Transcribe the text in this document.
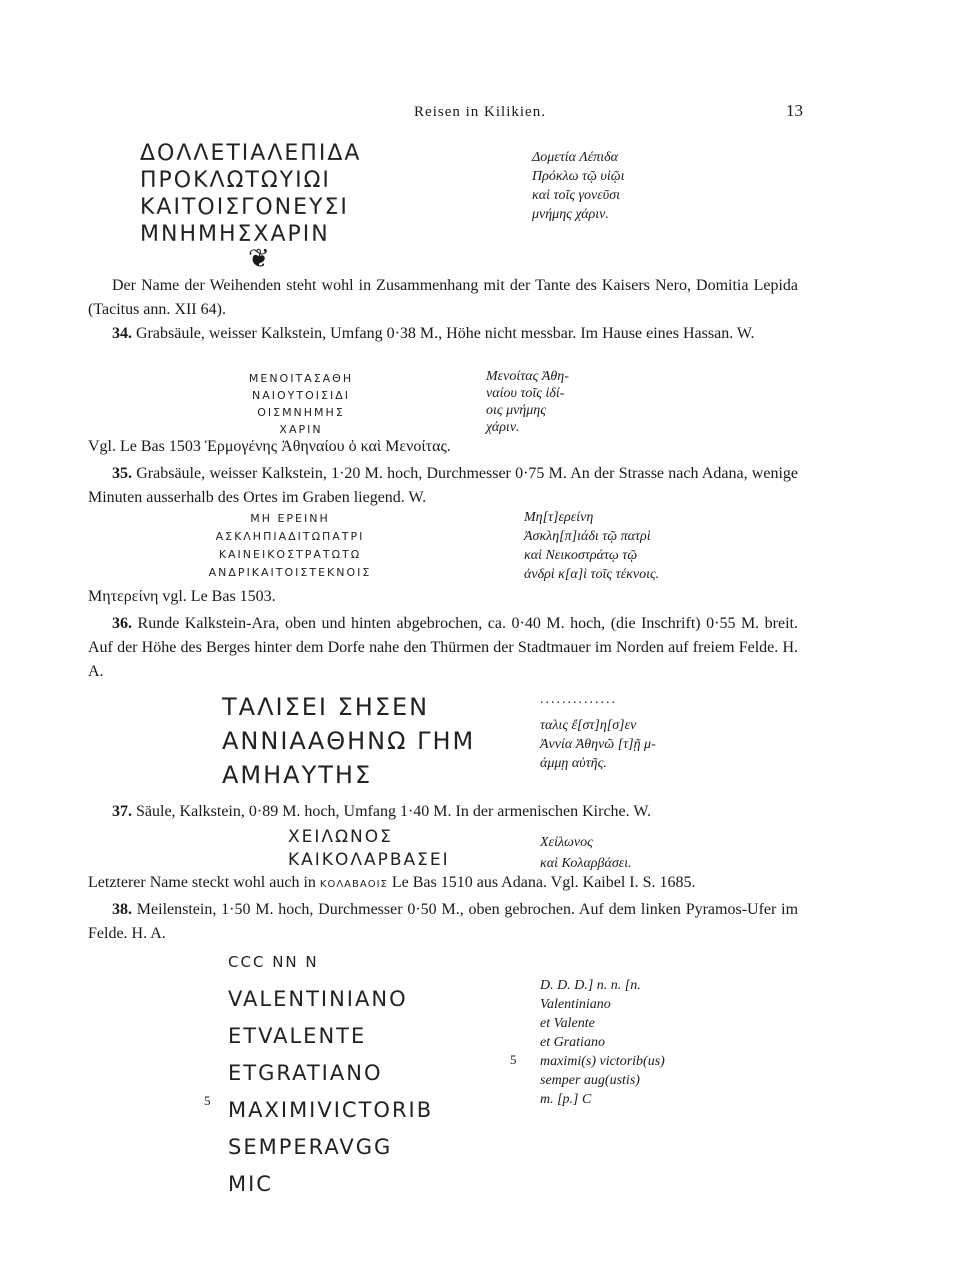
Reisen in Kilikien.	13
ΔΟΛΛΕΤΙΑΛΕΠΙΔΑ
ΠΡΟΚΛΩΤΩΥΙΩΙ
ΚΑΙΤΟΙΣΓΟΝΕΥΣΙ
ΜΝΗΜΗΣΧΑΡΙΝ
Δομετία Λέπιδα
Πρόκλω τῷ υἱῷι
καὶ τοῖς γονεῦσι
μνήμης χάριν.
❦
Der Name der Weihenden steht wohl in Zusammenhang mit der Tante des Kaisers Nero, Domitia Lepida (Tacitus ann. XII 64).
34. Grabsäule, weisser Kalkstein, Umfang 0·38 M., Höhe nicht messbar. Im Hause eines Hassan. W.
ΜΕΝΟΙΤΑΣΑΘΗ
ΝΑΙΟΥΤΟΙΣΙΔΙ
ΟΙΣΜΝΗΜΗΣ
ΧΑΡΙΝ
Μενοίτας Ἀθη-
ναίου τοῖς ἰδί-
οις μνήμης
χάριν.
Vgl. Le Bas 1503 Ἑρμογένης Ἀθηναίου ὁ καὶ Μενοίτας.
35. Grabsäule, weisser Kalkstein, 1·20 M. hoch, Durchmesser 0·75 M. An der Strasse nach Adana, wenige Minuten ausserhalb des Ortes im Graben liegend. W.
ΜΗ ΕΡΕΙΝΗ
ΑΣΚΛΗΠΙΑΔΙΤΩΠΑΤΡΙ
ΚΑΙΝΕΙΚΟΣΤΡΑΤΩΤΩ
ΑΝΔΡΙΚΑΙΤΟΙΣΤΕΚΝΟΙΣ
Μη[τ]ερείνη
Ἀσκλη[π]ιάδι τῷ πατρὶ
καὶ Νεικοστράτῳ τῷ
ἀνδρὶ κ[α]ὶ τοῖς τέκνοις.
Μητερείνη vgl. Le Bas 1503.
36. Runde Kalkstein-Ara, oben und hinten abgebrochen, ca. 0·40 M. hoch, (die Inschrift) 0·55 M. breit. Auf der Höhe des Berges hinter dem Dorfe nahe den Thürmen der Stadtmauer im Norden auf freiem Felde. H. A.
ΤΑΛΙΣΕΙ ΣΗΣΕΝ
ΑΝΝΙΑΑΘΗΝΩ ΓΗΜ
ΑΜΗΑΥΤΗΣ
..............
ταλις ἔ[στ]η[σ]εν
Ἀννία Ἀθηνῶ [τ]ῇ μ-
άμμῃ αὐτῆς.
37. Säule, Kalkstein, 0·89 M. hoch, Umfang 1·40 M. In der armenischen Kirche. W.
ΧΕΙΛΩΝΟΣ
ΚΑΙΚΟΛΑΡΒΑΣΕΙ
Χείλωνος
καὶ Κολαρβάσει.
Letzterer Name steckt wohl auch in ΚΟΛΑΒΑΟΙΣ Le Bas 1510 aus Adana. Vgl. Kaibel I. S. 1685.
38. Meilenstein, 1·50 M. hoch, Durchmesser 0·50 M., oben gebrochen. Auf dem linken Pyramos-Ufer im Felde. H. A.
CCC NN N
VALENTINIANO
ETVALENTE
ETGRATIANO
MAXIMIVICTORIB
SEMPERAVGG
MIC
5
D. D. D.] n. n. [n.
Valentiniano
et Valente
et Gratiano
maximi(s) victorib(us)
semper aug(ustis)
m. [p.] C
5
